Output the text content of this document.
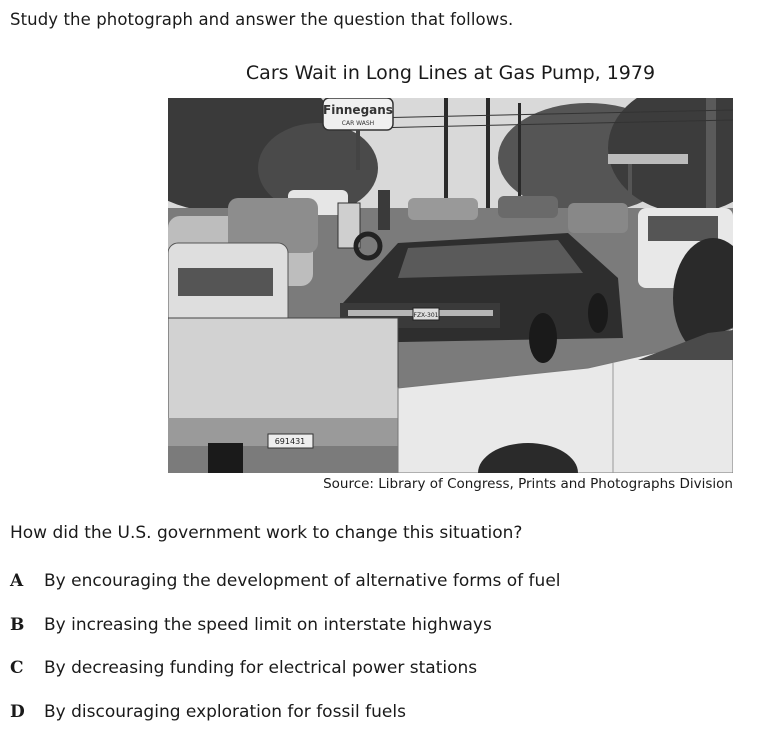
Study the photograph and answer the question that follows.
Cars Wait in Long Lines at Gas Pump, 1979
Finnegans
CAR WASH
FZX-301
691431
Source: Library of Congress, Prints and Photographs Division
How did the U.S. government work to change this situation?
A	By encouraging the development of alternative forms of fuel
B	By increasing the speed limit on interstate highways
C	By decreasing funding for electrical power stations
D	By discouraging exploration for fossil fuels
